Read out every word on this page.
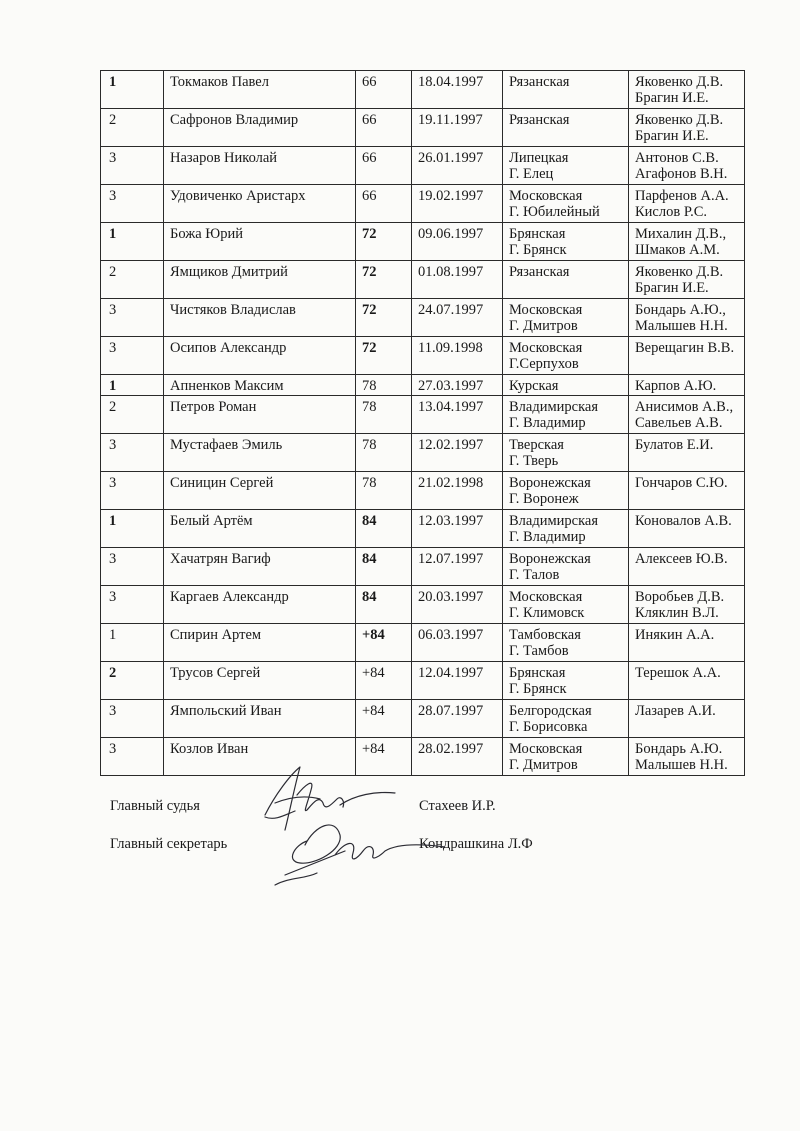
1	Токмаков Павел	66	18.04.1997	Рязанская	Яковенко Д.В.
Брагин И.Е.

2	Сафронов Владимир	66	19.11.1997	Рязанская	Яковенко Д.В.
Брагин И.Е.

3	Назаров Николай	66	26.01.1997	Липецкая
Г. Елец	Антонов С.В.
Агафонов В.Н.

3	Удовиченко Аристарх	66	19.02.1997	Московская
Г. Юбилейный	Парфенов А.А.
Кислов Р.С.

1	Божа Юрий	72	09.06.1997	Брянская
Г. Брянск	Михалин Д.В.,
Шмаков А.М.

2	Ямщиков Дмитрий	72	01.08.1997	Рязанская	Яковенко Д.В.
Брагин И.Е.

3	Чистяков Владислав	72	24.07.1997	Московская
Г. Дмитров	Бондарь А.Ю.,
Малышев Н.Н.

3	Осипов Александр	72	11.09.1998	Московская
Г.Серпухов	Верещагин В.В.

1	Апненков Максим	78	27.03.1997	Курская	Карпов А.Ю.

2	Петров Роман	78	13.04.1997	Владимирская
Г. Владимир	Анисимов А.В.,
Савельев А.В.

3	Мустафаев Эмиль	78	12.02.1997	Тверская
Г. Тверь	Булатов Е.И.

3	Синицин Сергей	78	21.02.1998	Воронежская
Г. Воронеж	Гончаров С.Ю.

1	Белый Артём	84	12.03.1997	Владимирская
Г. Владимир	Коновалов А.В.

3	Хачатрян Вагиф	84	12.07.1997	Воронежская
Г. Талов	Алексеев Ю.В.

3	Каргаев Александр	84	20.03.1997	Московская
Г. Климовск	Воробьев Д.В.
Кляклин В.Л.

1	Спирин Артем	+84	06.03.1997	Тамбовская
Г. Тамбов	Инякин А.А.

2	Трусов Сергей	+84	12.04.1997	Брянская
Г. Брянск	Терешок А.А.

3	Ямпольский Иван	+84	28.07.1997	Белгородская
Г. Борисовка	Лазарев А.И.

3	Козлов Иван	+84	28.02.1997	Московская
Г. Дмитров	Бондарь А.Ю.
Малышев Н.Н.
Главный судья	Стахеев И.Р.
Главный секретарь	Кондрашкина Л.Ф
